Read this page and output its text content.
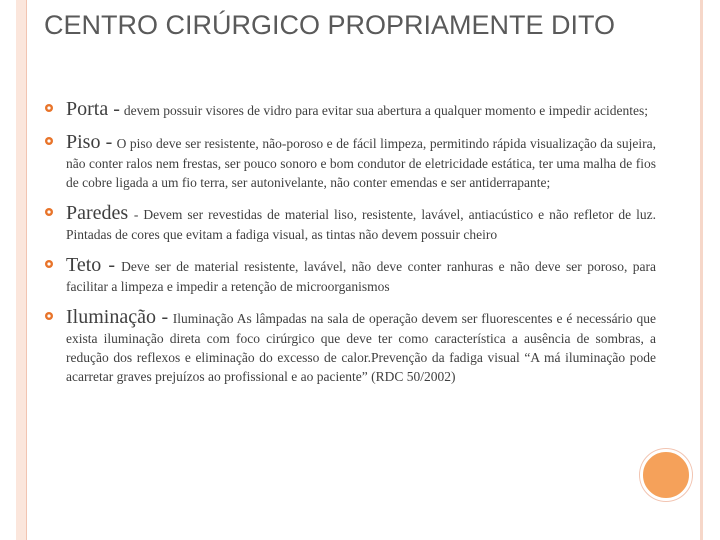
CENTRO CIRÚRGICO PROPRIAMENTE DITO
Porta - devem possuir visores de vidro para evitar sua abertura a qualquer momento e impedir acidentes;
Piso - O piso deve ser resistente, não-poroso e de fácil limpeza, permitindo rápida visualização da sujeira, não conter ralos nem frestas, ser pouco sonoro e bom condutor de eletricidade estática, ter uma malha de fios de cobre ligada a um fio terra, ser autonivelante, não conter emendas e ser antiderrapante;
Paredes - Devem ser revestidas de material liso, resistente, lavável, antiacústico e não refletor de luz. Pintadas de cores que evitam a fadiga visual, as tintas não devem possuir cheiro
Teto - Deve ser de material resistente, lavável, não deve conter ranhuras e não deve ser poroso, para facilitar a limpeza e impedir a retenção de microorganismos
Iluminação - Iluminação As lâmpadas na sala de operação devem ser fluorescentes e é necessário que exista iluminação direta com foco cirúrgico que deve ter como característica a ausência de sombras, a redução dos reflexos e eliminação do excesso de calor.Prevenção da fadiga visual “A má iluminação pode acarretar graves prejuízos ao profissional e ao paciente” (RDC 50/2002)
